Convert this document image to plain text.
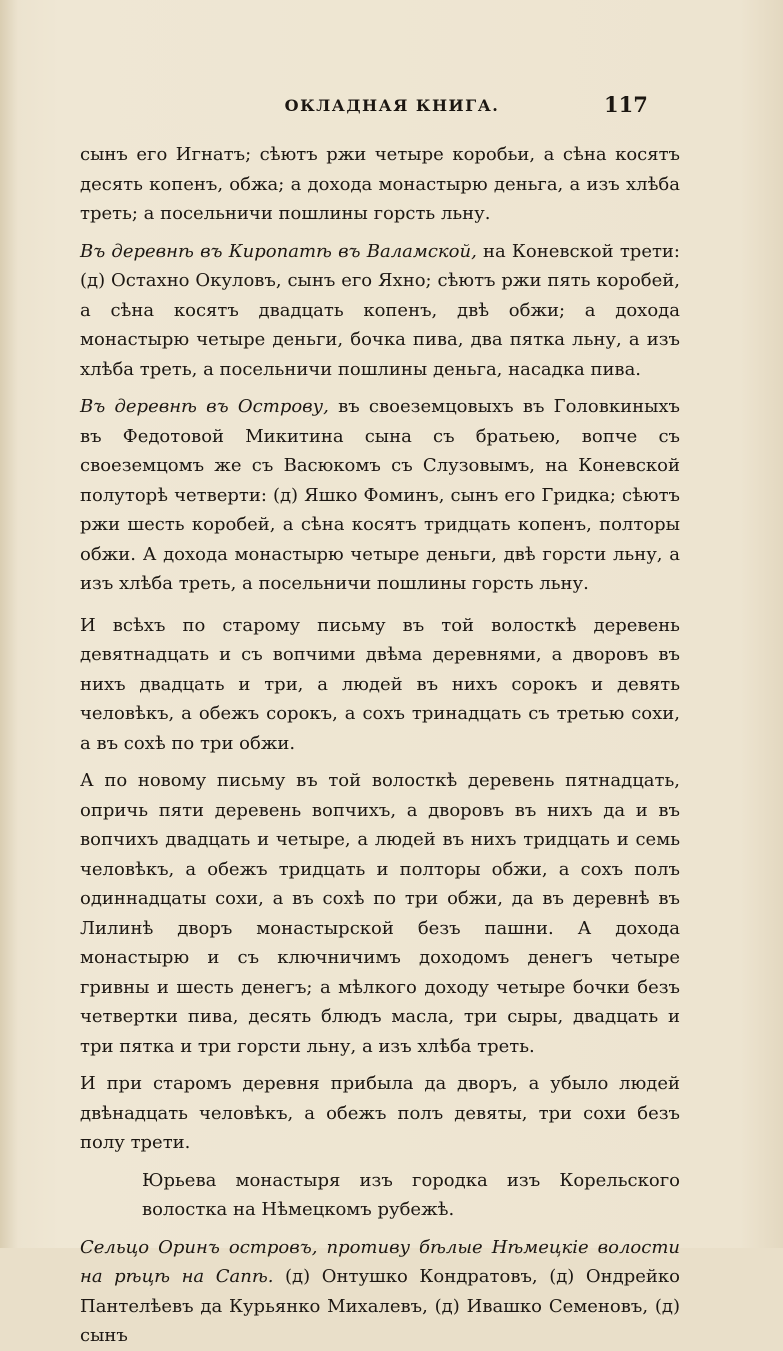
ОКЛАДНАЯ КНИГА.	117

сынъ его Игнатъ; сѣютъ ржи четыре коробьи, а сѣна косятъ десять копенъ, обжа; а дохода монастырю деньга, а изъ хлѣба треть; а посельничи пошлины горсть льну.

Въ деревнѣ въ Киропатѣ въ Валамской, на Коневской трети: (д) Остахно Окуловъ, сынъ его Яхно; сѣютъ ржи пять коробей, а сѣна косятъ двадцать копенъ, двѣ обжи; а дохода монастырю четыре деньги, бочка пива, два пятка льну, а изъ хлѣба треть, а посельничи пошлины деньга, насадка пива.

Въ деревнѣ въ Острову, въ своеземцовыхъ въ Головкиныхъ въ Федотовой Микитина сына съ братьею, вопче съ своеземцомъ же съ Васюкомъ съ Слузовымъ, на Коневской полуторѣ четверти: (д) Яшко Фоминъ, сынъ его Гридка; сѣютъ ржи шесть коробей, а сѣна косятъ тридцать копенъ, полторы обжи. А дохода монастырю четыре деньги, двѣ горсти льну, а изъ хлѣба треть, а посельничи пошлины горсть льну.

И всѣхъ по старому письму въ той волосткѣ деревень девятнадцать и съ вопчими двѣма деревнями, а дворовъ въ нихъ двадцать и три, а людей въ нихъ сорокъ и девять человѣкъ, а обежъ сорокъ, а сохъ тринадцать съ третью сохи, а въ сохѣ по три обжи.

А по новому письму въ той волосткѣ деревень пятнадцать, опричь пяти деревень вопчихъ, а дворовъ въ нихъ да и въ вопчихъ двадцать и четыре, а людей въ нихъ тридцать и семь человѣкъ, а обежъ тридцать и полторы обжи, а сохъ полъ одиннадцаты сохи, а въ сохѣ по три обжи, да въ деревнѣ въ Лилинѣ дворъ монастырской безъ пашни. А дохода монастырю и съ ключничимъ доходомъ денегъ четыре гривны и шесть денегъ; а мѣлкого доходу четыре бочки безъ четвертки пива, десять блюдъ масла, три сыры, двадцать и три пятка и три горсти льну, а изъ хлѣба треть.

И при старомъ деревня прибыла да дворъ, а убыло людей двѣнадцать человѣкъ, а обежъ полъ девяты, три сохи безъ полу трети.

Юрьева монастыря изъ городка изъ Корельского волостка на Нѣмецкомъ рубежѣ.

Сельцо Оринъ островъ, противу бѣлые Нѣмецкіе волости на рѣцѣ на Сапѣ. (д) Онтушко Кондратовъ, (д) Ондрейко Пантелѣевъ да Курьянко Михалевъ, (д) Ивашко Семеновъ, (д) сынъ
